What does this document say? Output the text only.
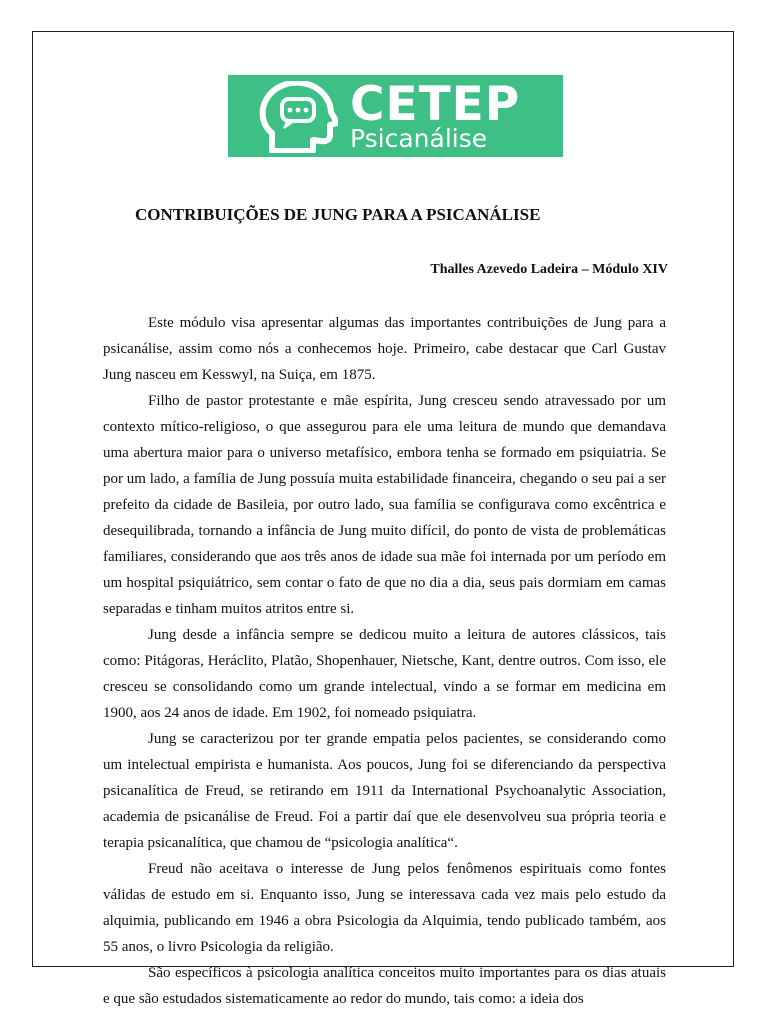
CETEP
Psicanálise
CONTRIBUIÇÕES DE JUNG PARA A PSICANÁLISE
Thalles Azevedo Ladeira – Módulo XIV

Este módulo visa apresentar algumas das importantes contribuições de Jung para a psicanálise, assim como nós a conhecemos hoje. Primeiro, cabe destacar que Carl Gustav Jung nasceu em Kesswyl, na Suiça, em 1875.

Filho de pastor protestante e mãe espírita, Jung cresceu sendo atravessado por um contexto mítico-religioso, o que assegurou para ele uma leitura de mundo que demandava uma abertura maior para o universo metafísico, embora tenha se formado em psiquiatria. Se por um lado, a família de Jung possuía muita estabilidade financeira, chegando o seu pai a ser prefeito da cidade de Basileia, por outro lado, sua família se configurava como excêntrica e desequilibrada, tornando a infância de Jung muito difícil, do ponto de vista de problemáticas familiares, considerando que aos três anos de idade sua mãe foi internada por um período em um hospital psiquiátrico, sem contar o fato de que no dia a dia, seus pais dormiam em camas separadas e tinham muitos atritos entre si.

Jung desde a infância sempre se dedicou muito a leitura de autores clássicos, tais como: Pitágoras, Heráclito, Platão, Shopenhauer, Nietsche, Kant, dentre outros. Com isso, ele cresceu se consolidando como um grande intelectual, vindo a se formar em medicina em 1900, aos 24 anos de idade. Em 1902, foi nomeado psiquiatra.

Jung se caracterizou por ter grande empatia pelos pacientes, se considerando como um intelectual empirista e humanista. Aos poucos, Jung foi se diferenciando da perspectiva psicanalítica de Freud, se retirando em 1911 da International Psychoanalytic Association, academia de psicanálise de Freud. Foi a partir daí que ele desenvolveu sua própria teoria e terapia psicanalítica, que chamou de “psicologia analítica“.

Freud não aceitava o interesse de Jung pelos fenômenos espirituais como fontes válidas de estudo em si. Enquanto isso, Jung se interessava cada vez mais pelo estudo da alquimia, publicando em 1946 a obra Psicologia da Alquimia, tendo publicado também, aos 55 anos, o livro Psicologia da religião.

São específicos à psicologia analítica conceitos muito importantes para os dias atuais e que são estudados sistematicamente ao redor do mundo, tais como: a ideia dos
